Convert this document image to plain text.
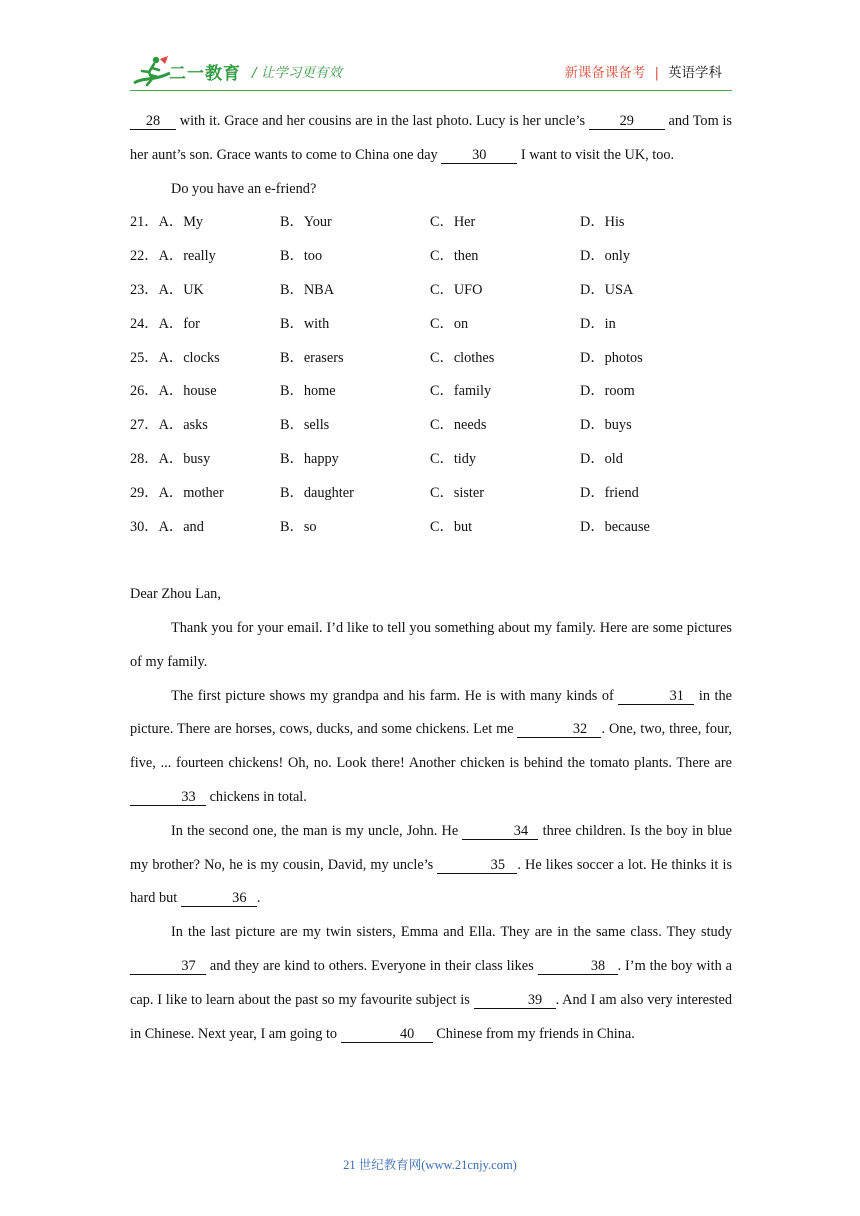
二一教育 / 让学习更有效	新课备课备考 | 英语学科

28 with it. Grace and her cousins are in the last photo. Lucy is her uncle’s 29 and Tom is her aunt’s son. Grace wants to come to China one day 30 I want to visit the UK, too.

Do you have an e-friend?

21．A．My	B．Your	C．Her	D．His
22．A．really	B．too	C．then	D．only
23．A．UK	B．NBA	C．UFO	D．USA
24．A．for	B．with	C．on	D．in
25．A．clocks	B．erasers	C．clothes	D．photos
26．A．house	B．home	C．family	D．room
27．A．asks	B．sells	C．needs	D．buys
28．A．busy	B．happy	C．tidy	D．old
29．A．mother	B．daughter	C．sister	D．friend
30．A．and	B．so	C．but	D．because

Dear Zhou Lan,

Thank you for your email. I’d like to tell you something about my family. Here are some pictures of my family.

The first picture shows my grandpa and his farm. He is with many kinds of	31 in the picture. There are horses, cows, ducks, and some chickens. Let me	32 . One, two, three, four, five, ... fourteen chickens! Oh, no. Look there! Another chicken is behind the tomato plants. There are 33 chickens in total.

In the second one, the man is my uncle, John. He	34 three children. Is the boy in blue my brother? No, he is my cousin, David, my uncle’s	35 . He likes soccer a lot. He thinks it is hard but	36 .

In the last picture are my twin sisters, Emma and Ella. They are in the same class. They study 37 and they are kind to others. Everyone in their class likes	38 . I’m the boy with a cap. I like to learn about the past so my favourite subject is	39 . And I am also very interested in Chinese. Next year, I am going to	40 Chinese from my friends in China.

21 世纪教育网(www.21cnjy.com)
